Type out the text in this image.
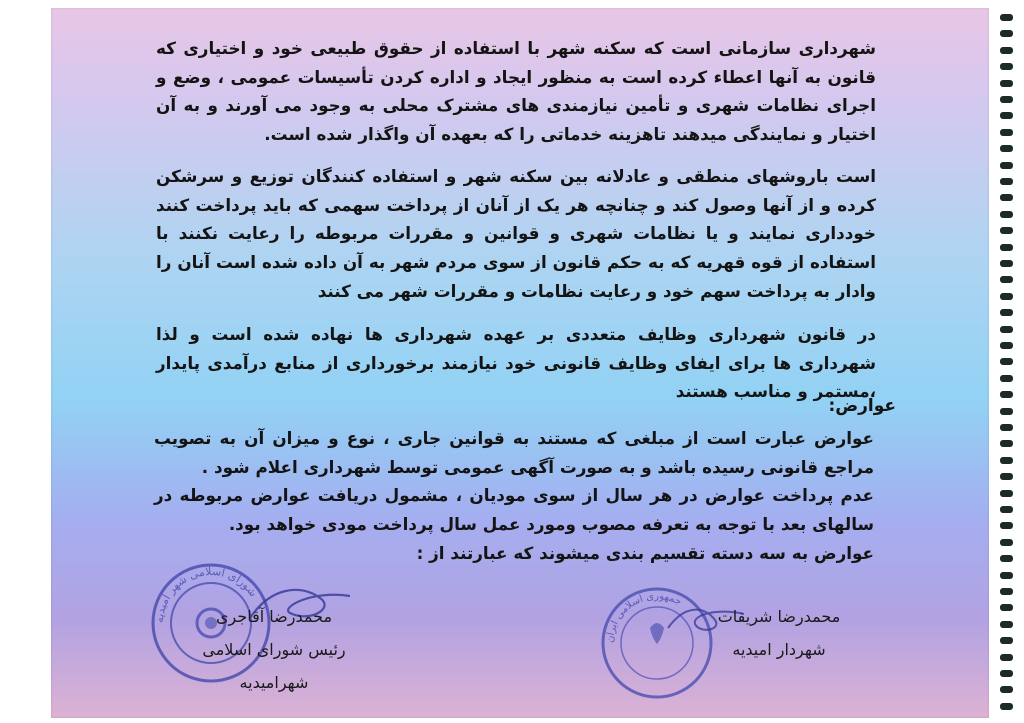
شهرداری سازمانی است که سکنه شهر با استفاده از حقوق طبیعی خود و اختیاری که قانون به آنها اعطاء کرده است به منظور ایجاد و اداره کردن تأسیسات عمومی ، وضع و اجرای نظامات شهری و تأمین نیازمندی های مشترک محلی به وجود می آورند و به آن اختیار و نمایندگی میدهند تاهزینه خدماتی را که بعهده آن واگذار شده است.

است باروشهای منطقی و عادلانه بین سکنه شهر و استفاده کنندگان توزیع و سرشکن کرده و از آنها وصول کند و چنانچه هر یک از آنان از پرداخت سهمی که باید پرداخت کنند خودداری نمایند و یا نظامات شهری و قوانین و مقررات مربوطه را رعایت نکنند با استفاده از قوه قهریه که به حکم قانون از سوی مردم شهر به آن داده شده است آنان را وادار به پرداخت سهم خود و رعایت نظامات و مقررات شهر می کنند

در قانون شهرداری وظایف متعددی بر عهده شهرداری ها نهاده شده است و لذا شهرداری ها برای ایفای وظایف قانونی خود نیازمند برخورداری از منابع درآمدی پایدار ،مستمر و مناسب هستند

عوارض:

عوارض عبارت است از مبلغی که مستند به قوانین جاری ، نوع و میزان آن به تصویب مراجع قانونی رسیده باشد و به صورت آگهی عمومی توسط شهرداری اعلام شود .

عدم پرداخت عوارض در هر سال از سوی مودیان ، مشمول دریافت عوارض مربوطه در سالهای بعد با توجه به تعرفه مصوب ومورد عمل سال پرداخت مودی خواهد بود.

عوارض به سه دسته تقسیم بندی میشوند که عبارتند از :

شورای اسلامی شهر امیدیه
جمهوری اسلامی ایران
محمدرضا شریفات
شهردار امیدیه
محمدرضا آقاجری
رئیس شورای اسلامی شهرامیدیه
